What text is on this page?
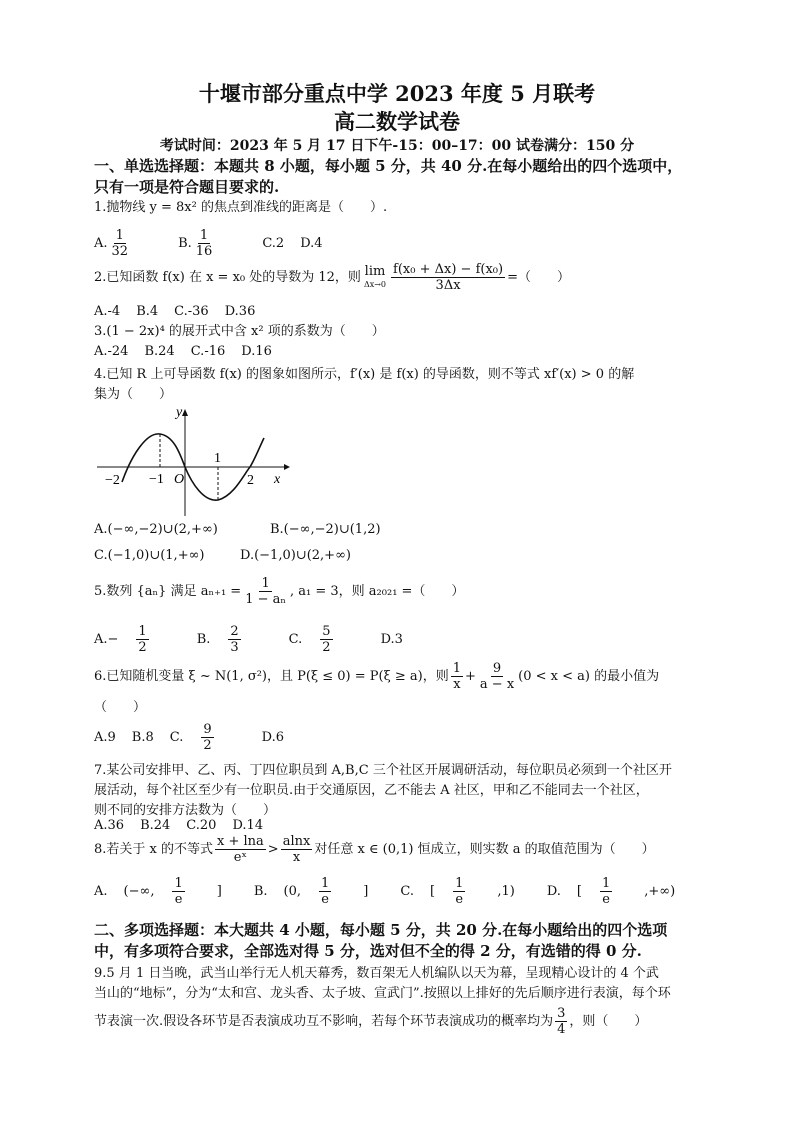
十堰市部分重点中学 2023 年度 5 月联考
高二数学试卷
考试时间：2023 年 5 月 17 日下午-15：00–17：00 试卷满分：150 分
一、单选选择题：本题共 8 小题，每小题 5 分，共 40 分.在每小题给出的四个选项中，
只有一项是符合题目要求的.
1.抛物线 y = 8x² 的焦点到准线的距离是（　　）.
A. $\frac{1}{32} B$. $\frac{1}{16} C.2$ D.4
2.已知函数 f(x) 在 x = x₀ 处的导数为 12，则 lim
$\Delta x\to 0 \frac{\text{f(x₀ + Δx) − f(x₀)}}{3\Delta x}$ =（　　）
A.-4 B.4 C.-36 D.36
3.(1 − 2x)⁴ 的展开式中含 x² 项的系数为（　　）
A.-24 B.24 C.-16 D.16
4.已知 R 上可导函数 f(x) 的图象如图所示，f′(x) 是 f(x) 的导函数，则不等式 xf′(x) > 0 的解
集为（　　）
y
x
O
−2 −1
1
2
A.(−∞,−2)∪(2,+∞)	B.(−∞,−2)∪(1,2)
C.(−1,0)∪(1,+∞)	D.(−1,0)∪(2,+∞)
5.数列 {aₙ} 满足 $a_{n+1} = \frac{1}{\text{1 − aₙ}}$ , a₁ = 3，则 a₂₀₂₁ =（　　）
$A.- \frac{1}{2} B$. $\frac{2}{3} C$. $\frac{5}{2} D.3$
6.已知随机变量 ξ ~ N(1, σ²)，且 P(ξ ≤ 0) = P(ξ ≥ a)，则 $\frac{1}{x} + \frac{9}{a - x} (0 < x < a)$ 的最小值为
（　　）
A.9 B.8 C. $\frac{9}{2} D.6$
7.某公司安排甲、乙、丙、丁四位职员到 A,B,C 三个社区开展调研活动，每位职员必须到一个社区开
展活动，每个社区至少有一位职员.由于交通原因，乙不能去 A 社区，甲和乙不能同去一个社区，
则不同的安排方法数为（　　）
A.36 B.24 C.20 D.14
8.若关于 x 的不等式 $\frac{x + \ln a}{\text{eˣ}} > \frac{alnx}{x}$ 对任意 x ∈ (0,1) 恒成立，则实数 a 的取值范围为（　　）
A. (−∞, $\frac{1}{e}$ ]	B. (0, $\frac{1}{e}$ ]	C. [ $\frac{1}{e} ,1$)	D. [ $\frac{1}{e}$ ,+∞)
二、多项选择题：本大题共 4 小题，每小题 5 分，共 20 分.在每小题给出的四个选项
中，有多项符合要求，全部选对得 5 分，选对但不全的得 2 分，有选错的得 0 分.
9.5 月 1 日当晚，武当山举行无人机天幕秀，数百架无人机编队以天为幕，呈现精心设计的 4 个武
当山的“地标”，分为“太和宫、龙头香、太子坡、宣武门”.按照以上排好的先后顺序进行表演，每个环
节表演一次.假设各环节是否表演成功互不影响，若每个环节表演成功的概率均为 $\frac{3}{4}$ ，则（　　）
